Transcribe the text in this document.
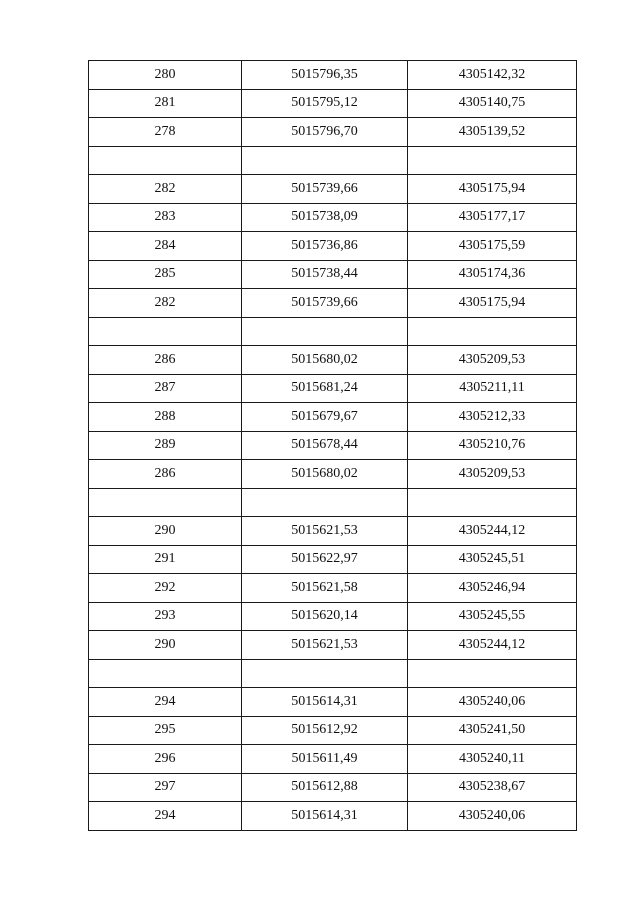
280	5015796,35	4305142,32
281	5015795,12	4305140,75
278	5015796,70	4305139,52

282	5015739,66	4305175,94
283	5015738,09	4305177,17
284	5015736,86	4305175,59
285	5015738,44	4305174,36
282	5015739,66	4305175,94

286	5015680,02	4305209,53
287	5015681,24	4305211,11
288	5015679,67	4305212,33
289	5015678,44	4305210,76
286	5015680,02	4305209,53

290	5015621,53	4305244,12
291	5015622,97	4305245,51
292	5015621,58	4305246,94
293	5015620,14	4305245,55
290	5015621,53	4305244,12

294	5015614,31	4305240,06
295	5015612,92	4305241,50
296	5015611,49	4305240,11
297	5015612,88	4305238,67
294	5015614,31	4305240,06
